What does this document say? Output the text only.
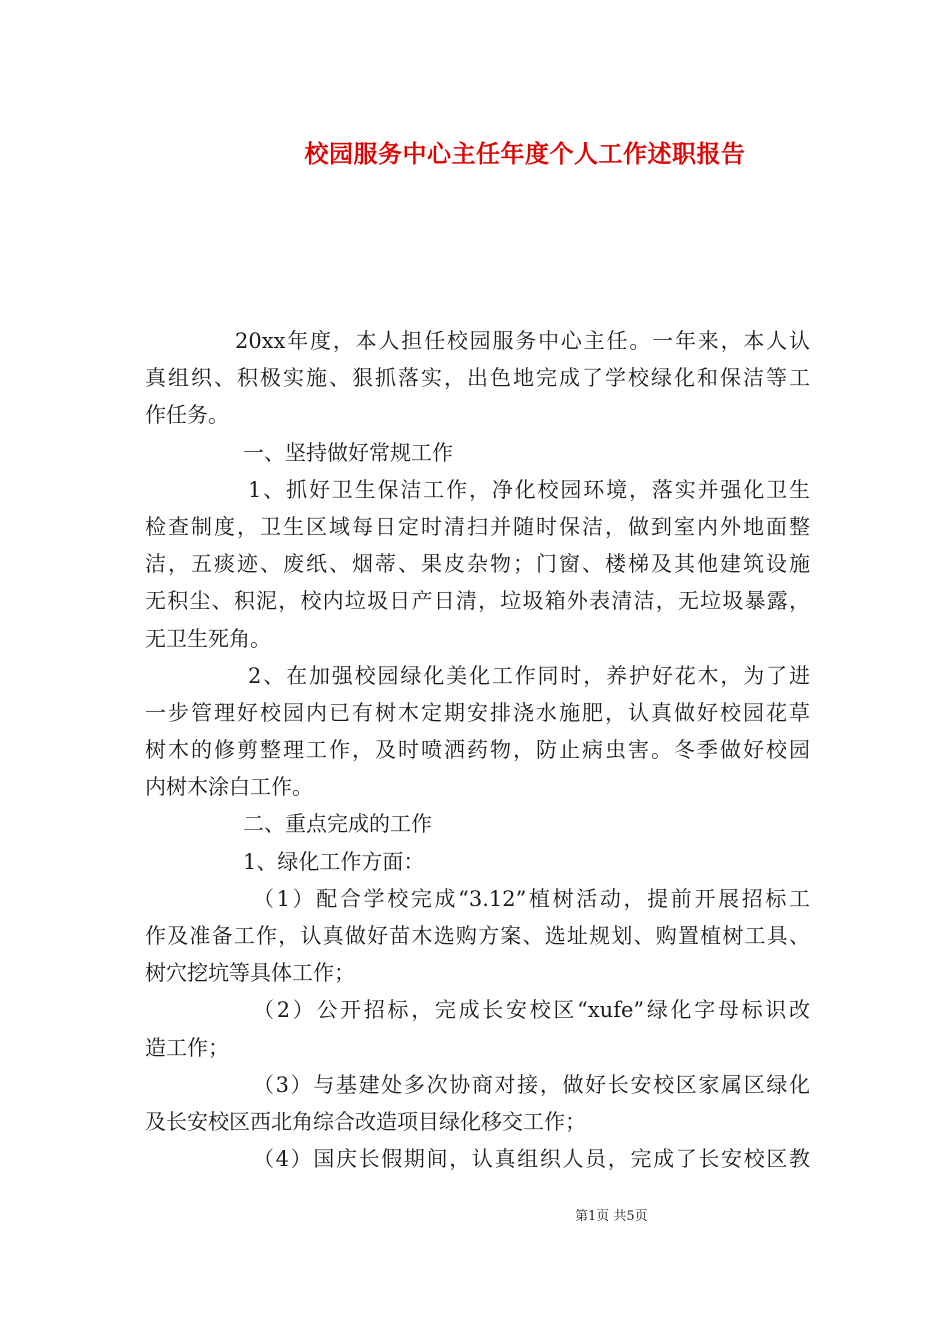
校园服务中心主任年度个人工作述职报告
20xx年度，本人担任校园服务中心主任。一年来，本人认
真组织、积极实施、狠抓落实，出色地完成了学校绿化和保洁等工
作任务。
一、坚持做好常规工作
1、抓好卫生保洁工作，净化校园环境，落实并强化卫生
检查制度，卫生区域每日定时清扫并随时保洁，做到室内外地面整
洁，五痰迹、废纸、烟蒂、果皮杂物；门窗、楼梯及其他建筑设施
无积尘、积泥，校内垃圾日产日清，垃圾箱外表清洁，无垃圾暴露，
无卫生死角。
2、在加强校园绿化美化工作同时，养护好花木，为了进
一步管理好校园内已有树木定期安排浇水施肥，认真做好校园花草
树木的修剪整理工作，及时喷洒药物，防止病虫害。冬季做好校园
内树木涂白工作。
二、重点完成的工作
1、绿化工作方面：
（1）配合学校完成“3.12”植树活动，提前开展招标工
作及准备工作，认真做好苗木选购方案、选址规划、购置植树工具、
树穴挖坑等具体工作；
（2）公开招标，完成长安校区“xufe”绿化字母标识改
造工作；
（3）与基建处多次协商对接，做好长安校区家属区绿化
及长安校区西北角综合改造项目绿化移交工作；
（4）国庆长假期间，认真组织人员，完成了长安校区教
第1页 共5页
